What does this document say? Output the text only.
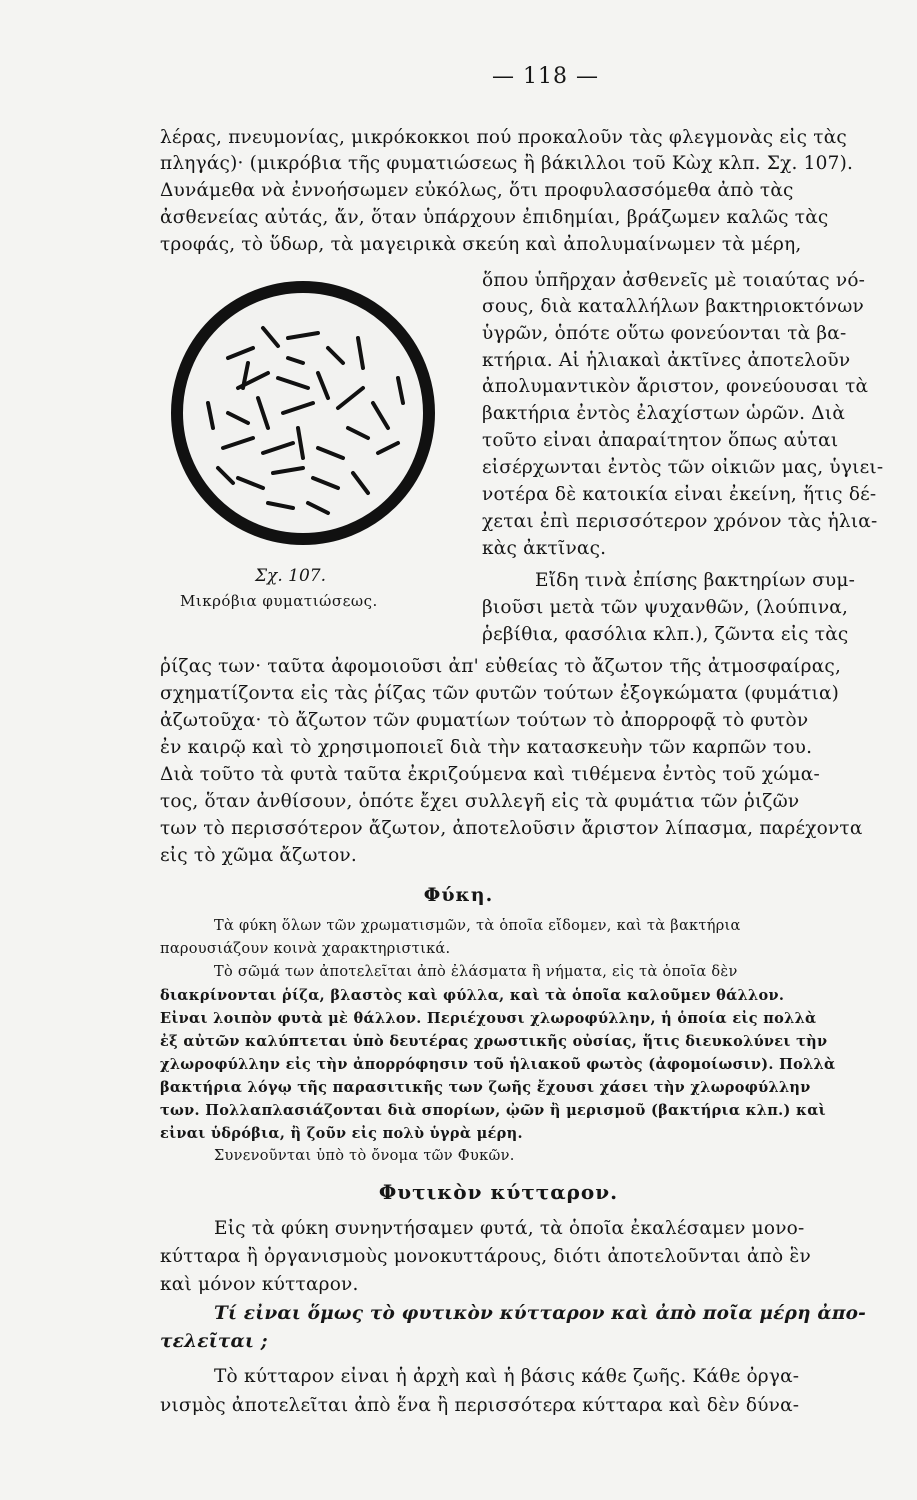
— 118 —
λέρας, πνευμονίας, μικρόκοκκοι πού προκαλοῦν τὰς φλεγμονὰς εἰς τὰς
πληγάς)· (μικρόβια τῆς φυματιώσεως ἢ βάκιλλοι τοῦ Κὼχ κλπ. Σχ. 107).
Δυνάμεθα νὰ ἐννοήσωμεν εὐκόλως, ὅτι προφυλασσόμεθα ἀπὸ τὰς
ἀσθενείας αὐτάς, ἄν, ὅταν ὑπάρχουν ἐπιδημίαι, βράζωμεν καλῶς τὰς
τροφάς, τὸ ὕδωρ, τὰ μαγειρικὰ σκεύη καὶ ἀπολυμαίνωμεν τὰ μέρη,
Σχ. 107.
Μικρόβια φυματιώσεως.
ὅπου ὑπῆρχαν ἀσθενεῖς μὲ τοιαύτας νό-
σους, διὰ καταλλήλων βακτηριοκτόνων
ὑγρῶν, ὁπότε οὕτω φονεύονται τὰ βα-
κτήρια. Αἱ ἡλιακαὶ ἀκτῖνες ἀποτελοῦν
ἀπολυμαντικὸν ἄριστον, φονεύουσαι τὰ
βακτήρια ἐντὸς ἐλαχίστων ὡρῶν. Διὰ
τοῦτο εἶναι ἀπαραίτητον ὅπως αὗται
εἰσέρχωνται ἐντὸς τῶν οἰκιῶν μας, ὑγιει-
νοτέρα δὲ κατοικία εἶναι ἐκείνη, ἥτις δέ-
χεται ἐπὶ περισσότερον χρόνον τὰς ἡλια-
κὰς ἀκτῖνας.
Εἴδη τινὰ ἐπίσης βακτηρίων συμ-
βιοῦσι μετὰ τῶν ψυχανθῶν, (λούπινα,
ῥεβίθια, φασόλια κλπ.), ζῶντα εἰς τὰς
ῥίζας των· ταῦτα ἀφομοιοῦσι ἀπ' εὐθείας τὸ ἄζωτον τῆς ἀτμοσφαίρας,
σχηματίζοντα εἰς τὰς ῥίζας τῶν φυτῶν τούτων ἐξογκώματα (φυμάτια)
ἀζωτοῦχα· τὸ ἄζωτον τῶν φυματίων τούτων τὸ ἀπορροφᾷ τὸ φυτὸν
ἐν καιρῷ καὶ τὸ χρησιμοποιεῖ διὰ τὴν κατασκευὴν τῶν καρπῶν του.
Διὰ τοῦτο τὰ φυτὰ ταῦτα ἐκριζούμενα καὶ τιθέμενα ἐντὸς τοῦ χώμα-
τος, ὅταν ἀνθίσουν, ὁπότε ἔχει συλλεγῆ εἰς τὰ φυμάτια τῶν ῥιζῶν
των τὸ περισσότερον ἄζωτον, ἀποτελοῦσιν ἄριστον λίπασμα, παρέχοντα
εἰς τὸ χῶμα ἄζωτον.
Φύκη.
Τὰ φύκη ὅλων τῶν χρωματισμῶν, τὰ ὁποῖα εἴδομεν, καὶ τὰ βακτήρια
παρουσιάζουν κοινὰ χαρακτηριστικά.
Τὸ σῶμά των ἀποτελεῖται ἀπὸ ἐλάσματα ἢ νήματα, εἰς τὰ ὁποῖα δὲν
διακρίνονται ῥίζα, βλαστὸς καὶ φύλλα, καὶ τὰ ὁποῖα καλοῦμεν θάλλον.
Εἶναι λοιπὸν φυτὰ μὲ θάλλον. Περιέχουσι χλωροφύλλην, ἡ ὁποία εἰς πολλὰ
ἐξ αὐτῶν καλύπτεται ὑπὸ δευτέρας χρωστικῆς οὐσίας, ἥτις διευκολύνει τὴν
χλωροφύλλην εἰς τὴν ἀπορρόφησιν τοῦ ἡλιακοῦ φωτὸς (ἀφομοίωσιν). Πολλὰ
βακτήρια λόγῳ τῆς παρασιτικῆς των ζωῆς ἔχουσι χάσει τὴν χλωροφύλλην
των. Πολλαπλασιάζονται διὰ σπορίων, ᾠῶν ἢ μερισμοῦ (βακτήρια κλπ.) καὶ
εἶναι ὑδρόβια, ἢ ζοῦν εἰς πολὺ ὑγρὰ μέρη.
Συνενοῦνται ὑπὸ τὸ ὄνομα τῶν Φυκῶν.
Φυτικὸν κύτταρον.
Εἰς τὰ φύκη συνηντήσαμεν φυτά, τὰ ὁποῖα ἐκαλέσαμεν μονο-
κύτταρα ἢ ὀργανισμοὺς μονοκυττάρους, διότι ἀποτελοῦνται ἀπὸ ἓν
καὶ μόνον κύτταρον.
Τί εἶναι ὅμως τὸ φυτικὸν κύτταρον καὶ ἀπὸ ποῖα μέρη ἀπο-
τελεῖται ;
Τὸ κύτταρον εἶναι ἡ ἀρχὴ καὶ ἡ βάσις κάθε ζωῆς. Κάθε ὀργα-
νισμὸς ἀποτελεῖται ἀπὸ ἕνα ἢ περισσότερα κύτταρα καὶ δὲν δύνα-
